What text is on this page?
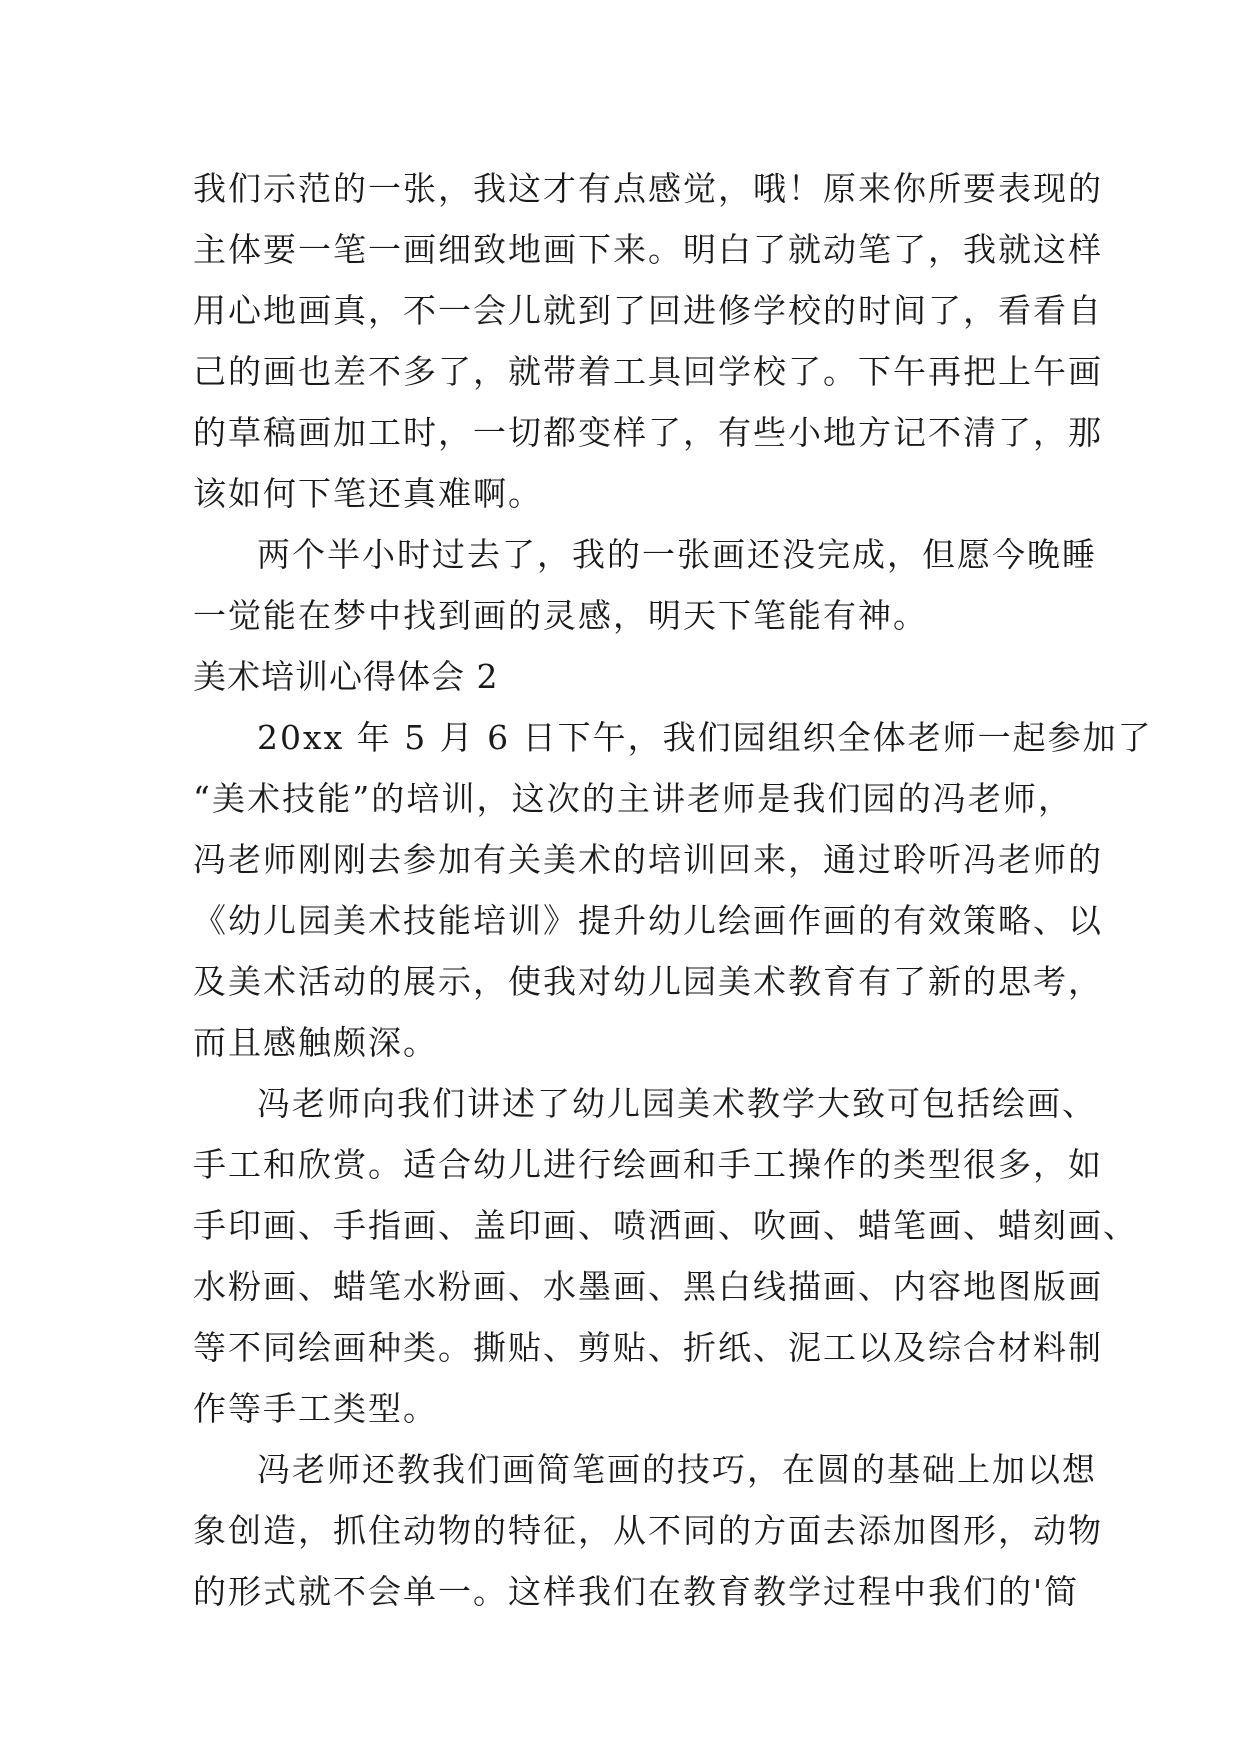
我们示范的一张，我这才有点感觉，哦！原来你所要表现的
主体要一笔一画细致地画下来。明白了就动笔了，我就这样
用心地画真，不一会儿就到了回进修学校的时间了，看看自
己的画也差不多了，就带着工具回学校了。下午再把上午画
的草稿画加工时，一切都变样了，有些小地方记不清了，那
该如何下笔还真难啊。
两个半小时过去了，我的一张画还没完成，但愿今晚睡
一觉能在梦中找到画的灵感，明天下笔能有神。
美术培训心得体会 2
20xx 年 5 月 6 日下午，我们园组织全体老师一起参加了
“美术技能”的培训，这次的主讲老师是我们园的冯老师，
冯老师刚刚去参加有关美术的培训回来，通过聆听冯老师的
《幼儿园美术技能培训》提升幼儿绘画作画的有效策略、以
及美术活动的展示，使我对幼儿园美术教育有了新的思考，
而且感触颇深。
冯老师向我们讲述了幼儿园美术教学大致可包括绘画、
手工和欣赏。适合幼儿进行绘画和手工操作的类型很多，如
手印画、手指画、盖印画、喷洒画、吹画、蜡笔画、蜡刻画、
水粉画、蜡笔水粉画、水墨画、黑白线描画、内容地图版画
等不同绘画种类。撕贴、剪贴、折纸、泥工以及综合材料制
作等手工类型。
冯老师还教我们画简笔画的技巧，在圆的基础上加以想
象创造，抓住动物的特征，从不同的方面去添加图形，动物
的形式就不会单一。这样我们在教育教学过程中我们的'简
